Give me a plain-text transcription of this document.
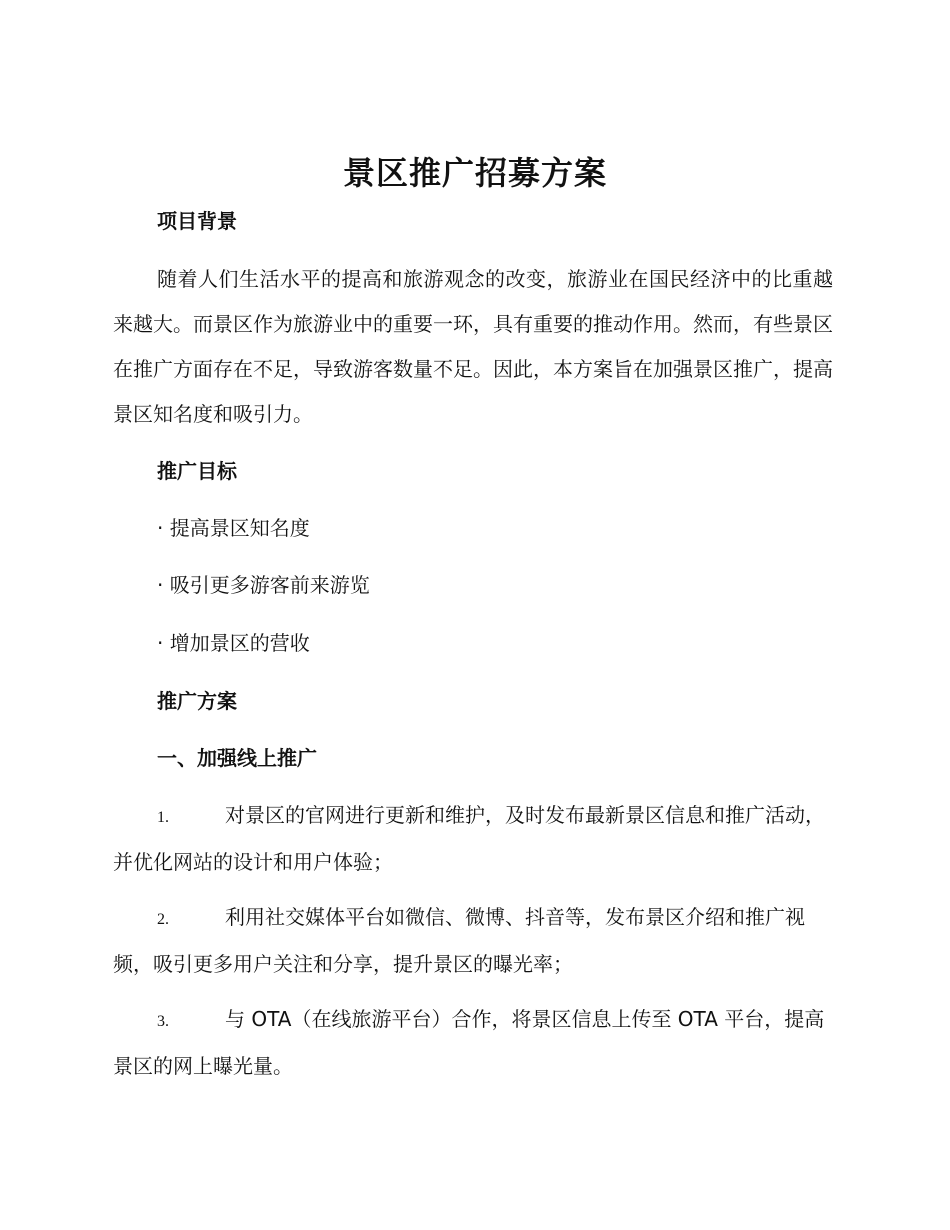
景区推广招募方案
项目背景

随着人们生活水平的提高和旅游观念的改变，旅游业在国民经济中的比重越来越大。而景区作为旅游业中的重要一环，具有重要的推动作用。然而，有些景区在推广方面存在不足，导致游客数量不足。因此，本方案旨在加强景区推广，提高景区知名度和吸引力。

推广目标
· 提高景区知名度
· 吸引更多游客前来游览
· 增加景区的营收
推广方案
一、加强线上推广

1.	对景区的官网进行更新和维护，及时发布最新景区信息和推广活动，并优化网站的设计和用户体验；

2.	利用社交媒体平台如微信、微博、抖音等，发布景区介绍和推广视频，吸引更多用户关注和分享，提升景区的曝光率；

3.	与 OTA（在线旅游平台）合作，将景区信息上传至 OTA 平台，提高景区的网上曝光量。
